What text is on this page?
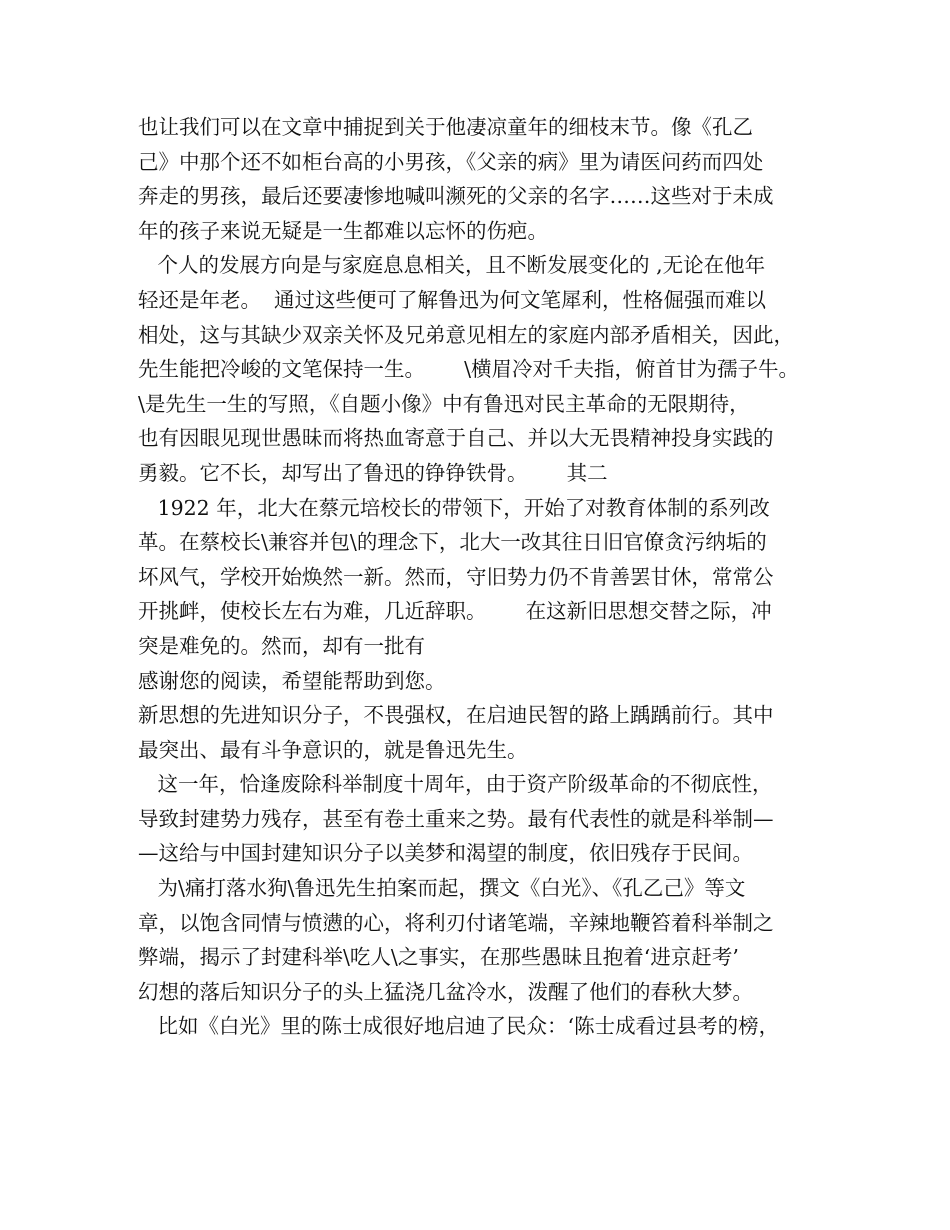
也让我们可以在文章中捕捉到关于他凄凉童年的细枝末节。像《孔乙
己》中那个还不如柜台高的小男孩，《父亲的病》里为请医问药而四处
奔走的男孩，最后还要凄惨地喊叫濒死的父亲的名字……这些对于未成
年的孩子来说无疑是一生都难以忘怀的伤疤。
个人的发展方向是与家庭息息相关，且不断发展变化的 ,无论在他年
轻还是年老。  通过这些便可了解鲁迅为何文笔犀利，性格倔强而难以
相处，这与其缺少双亲关怀及兄弟意见相左的家庭内部矛盾相关，因此，
先生能把冷峻的文笔保持一生。      \横眉冷对千夫指，俯首甘为孺子牛。
\是先生一生的写照，《自题小像》中有鲁迅对民主革命的无限期待，
也有因眼见现世愚昧而将热血寄意于自己、并以大无畏精神投身实践的
勇毅。它不长，却写出了鲁迅的铮铮铁骨。      其二
1922 年，北大在蔡元培校长的带领下，开始了对教育体制的系列改
革。在蔡校长\兼容并包\的理念下，北大一改其往日旧官僚贪污纳垢的
坏风气，学校开始焕然一新。然而，守旧势力仍不肯善罢甘休，常常公
开挑衅，使校长左右为难，几近辞职。      在这新旧思想交替之际，冲
突是难免的。然而，却有一批有
感谢您的阅读，希望能帮助到您。
新思想的先进知识分子，不畏强权，在启迪民智的路上踽踽前行。其中
最突出、最有斗争意识的，就是鲁迅先生。
这一年，恰逢废除科举制度十周年，由于资产阶级革命的不彻底性，
导致封建势力残存，甚至有卷土重来之势。最有代表性的就是科举制—
—这给与中国封建知识分子以美梦和渴望的制度，依旧残存于民间。
为\痛打落水狗\鲁迅先生拍案而起，撰文《白光》、《孔乙己》等文
章，以饱含同情与愤懑的心，将利刃付诸笔端，辛辣地鞭笞着科举制之
弊端，揭示了封建科举\吃人\之事实，在那些愚昧且抱着‘进京赶考’
幻想的落后知识分子的头上猛浇几盆冷水，泼醒了他们的春秋大梦。
比如《白光》里的陈士成很好地启迪了民众：‘陈士成看过县考的榜，
